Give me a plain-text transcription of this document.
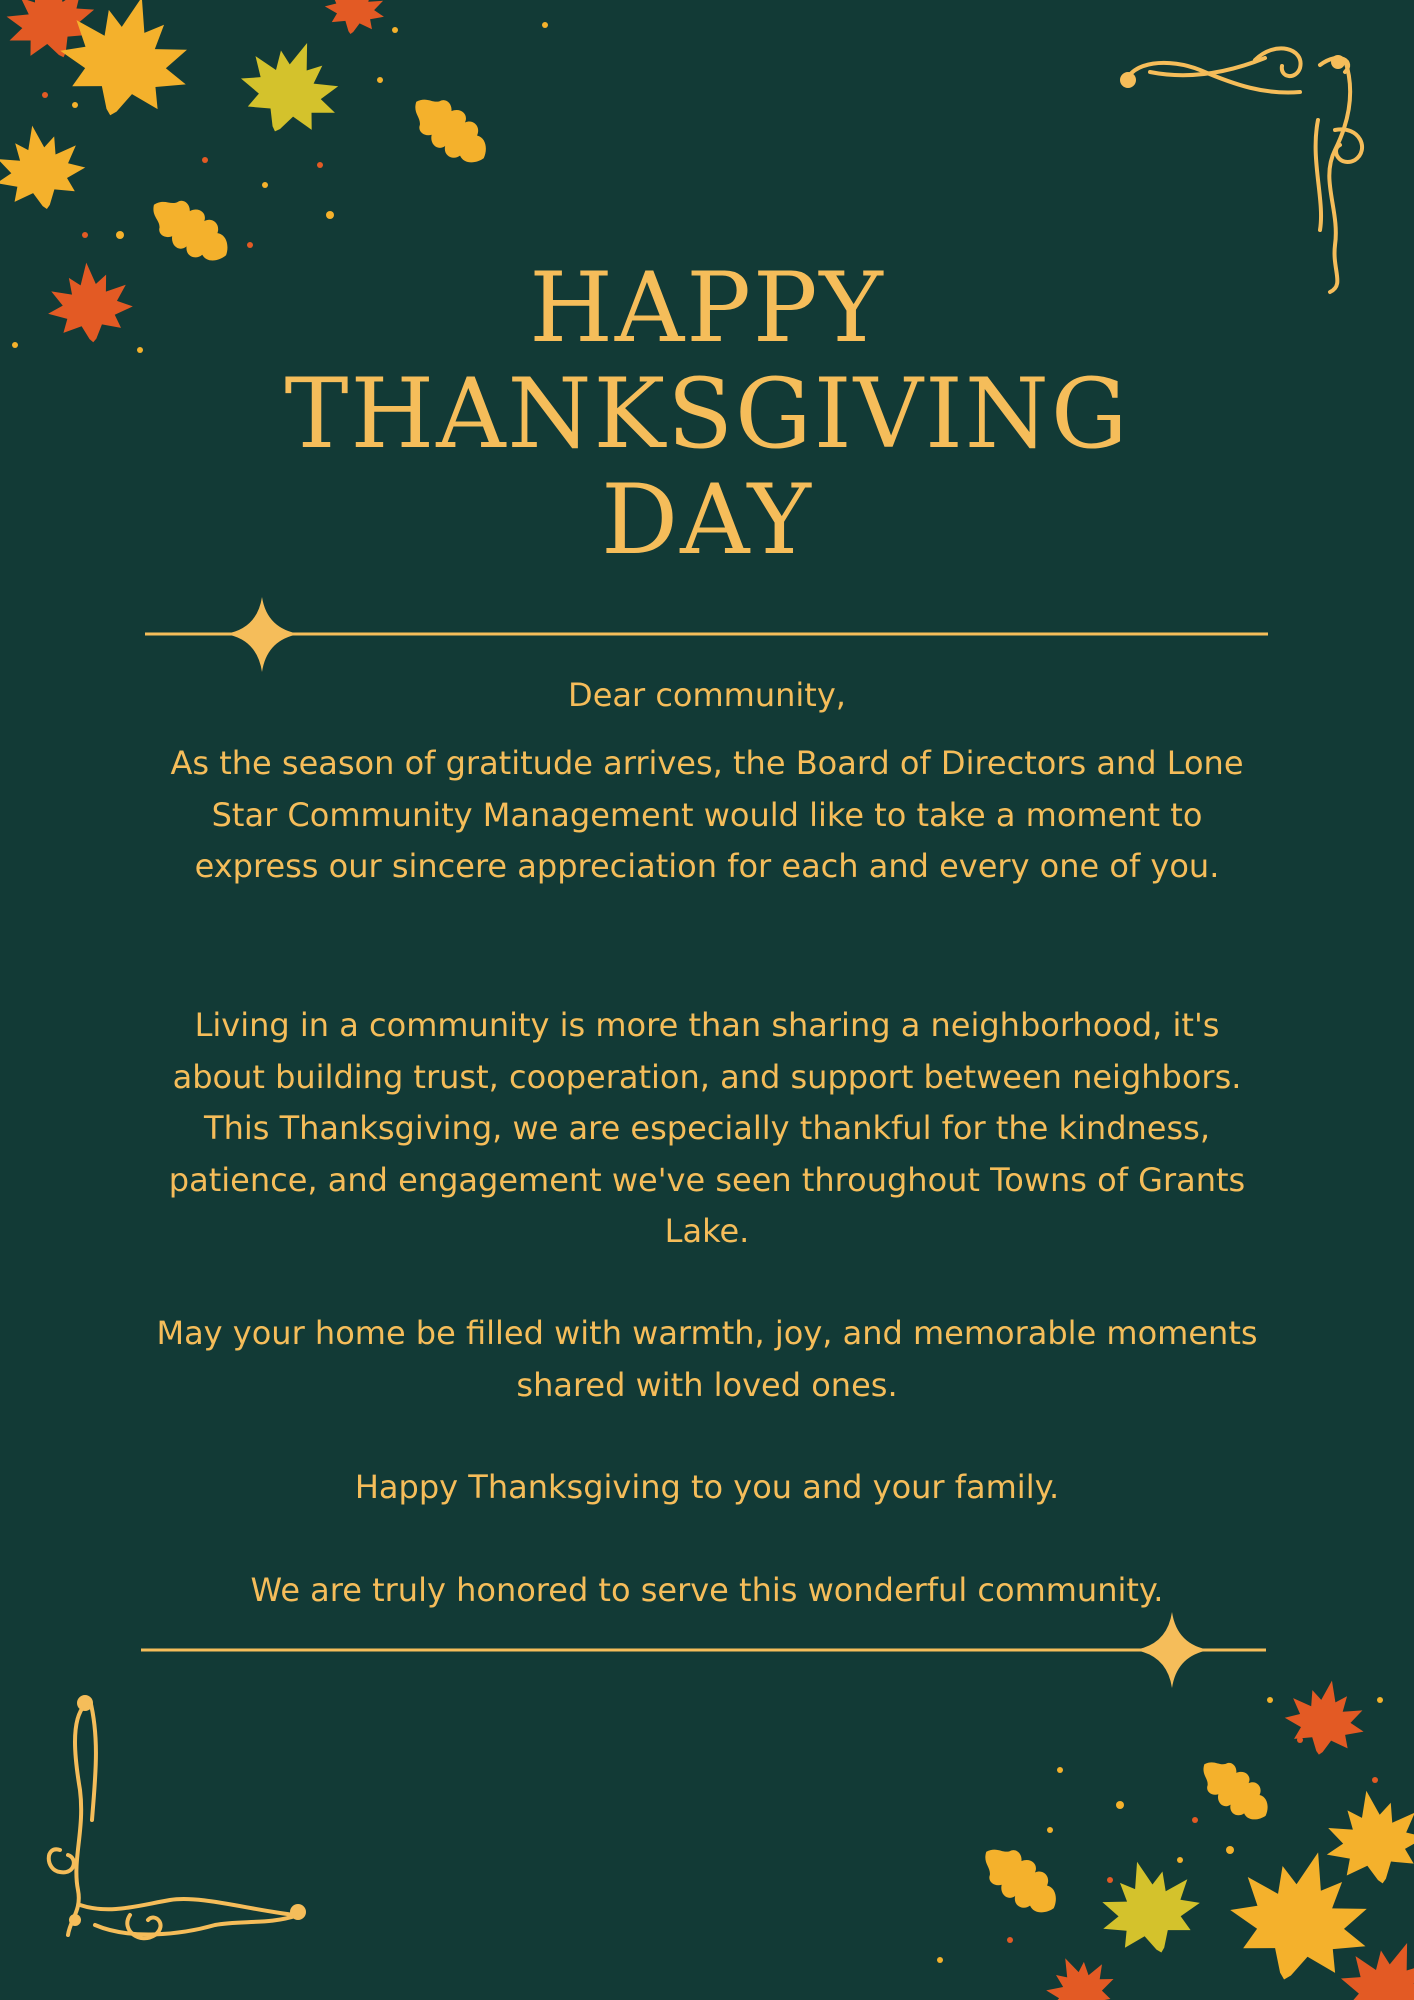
HAPPY
THANKSGIVING
DAY
Dear community,
As the season of gratitude arrives, the Board of Directors and Lone Star Community Management would like to take a moment to express our sincere appreciation for each and every one of you.
Living in a community is more than sharing a neighborhood, it's about building trust, cooperation, and support between neighbors. This Thanksgiving, we are especially thankful for the kindness, patience, and engagement we've seen throughout Towns of Grants Lake.
May your home be filled with warmth, joy, and memorable moments shared with loved ones.
Happy Thanksgiving to you and your family.
We are truly honored to serve this wonderful community.
